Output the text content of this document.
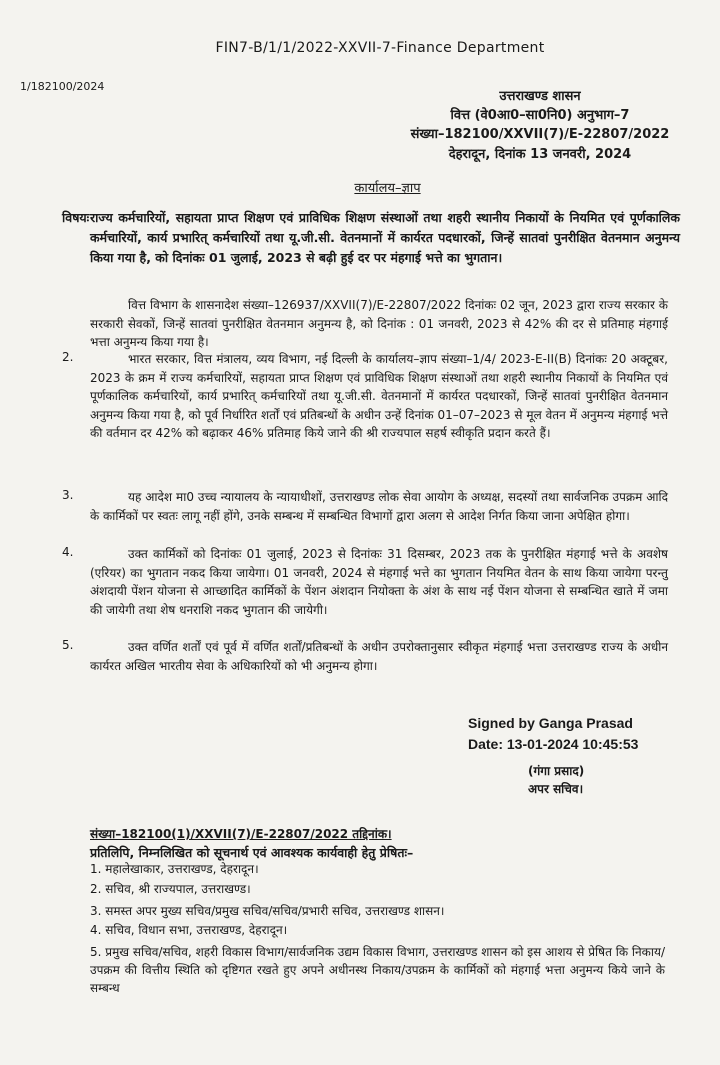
FIN7-B/1/1/2022-XXVII-7-Finance Department
1/182100/2024
उत्तराखण्ड शासन
वित्त (वे0आ0–सा0नि0) अनुभाग–7
संख्या–182100/XXVII(7)/E-22807/2022
देहरादून, दिनांक 13 जनवरी, 2024
कार्यालय–ज्ञाप
विषयः राज्य कर्मचारियों, सहायता प्राप्त शिक्षण एवं प्राविधिक शिक्षण संस्थाओं तथा शहरी स्थानीय निकायों के नियमित एवं पूर्णकालिक कर्मचारियों, कार्य प्रभारित् कर्मचारियों तथा यू.जी.सी. वेतनमानों में कार्यरत पदधारकों, जिन्हें सातवां पुनरीक्षित वेतनमान अनुमन्य किया गया है, को दिनांकः 01 जुलाई, 2023 से बढ़ी हुई दर पर मंहगाई भत्ते का भुगतान।
वित्त विभाग के शासनादेश संख्या–126937/XXVII(7)/E-22807/2022 दिनांकः 02 जून, 2023 द्वारा राज्य सरकार के सरकारी सेवकों, जिन्हें सातवां पुनरीक्षित वेतनमान अनुमन्य है, को दिनांक : 01 जनवरी, 2023 से 42% की दर से प्रतिमाह मंहगाई भत्ता अनुमन्य किया गया है।
2.	भारत सरकार, वित्त मंत्रालय, व्यय विभाग, नई दिल्ली के कार्यालय–ज्ञाप संख्या–1/4/ 2023-E-II(B) दिनांकः 20 अक्टूबर, 2023 के क्रम में राज्य कर्मचारियों, सहायता प्राप्त शिक्षण एवं प्राविधिक शिक्षण संस्थाओं तथा शहरी स्थानीय निकायों के नियमित एवं पूर्णकालिक कर्मचारियों, कार्य प्रभारित् कर्मचारियों तथा यू.जी.सी. वेतनमानों में कार्यरत पदधारकों, जिन्हें सातवां पुनरीक्षित वेतनमान अनुमन्य किया गया है, को पूर्व निर्धारित शर्तों एवं प्रतिबन्धों के अधीन उन्हें दिनांक 01–07–2023 से मूल वेतन में अनुमन्य मंहगाई भत्ते की वर्तमान दर 42% को बढ़ाकर 46% प्रतिमाह किये जाने की श्री राज्यपाल सहर्ष स्वीकृति प्रदान करते हैं।
3.	यह आदेश मा0 उच्च न्यायालय के न्यायाधीशों, उत्तराखण्ड लोक सेवा आयोग के अध्यक्ष, सदस्यों तथा सार्वजनिक उपक्रम आदि के कार्मिकों पर स्वतः लागू नहीं होंगे, उनके सम्बन्ध में सम्बन्धित विभागों द्वारा अलग से आदेश निर्गत किया जाना अपेक्षित होगा।
4.	उक्त कार्मिकों को दिनांकः 01 जुलाई, 2023 से दिनांकः 31 दिसम्बर, 2023 तक के पुनरीक्षित मंहगाई भत्ते के अवशेष (एरियर) का भुगतान नकद किया जायेगा। 01 जनवरी, 2024 से मंहगाई भत्ते का भुगतान नियमित वेतन के साथ किया जायेगा परन्तु अंशदायी पेंशन योजना से आच्छादित कार्मिकों के पेंशन अंशदान नियोक्ता के अंश के साथ नई पेंशन योजना से सम्बन्धित खाते में जमा की जायेगी तथा शेष धनराशि नकद भुगतान की जायेगी।
5.	उक्त वर्णित शर्तों एवं पूर्व में वर्णित शर्तों/प्रतिबन्धों के अधीन उपरोक्तानुसार स्वीकृत मंहगाई भत्ता उत्तराखण्ड राज्य के अधीन कार्यरत अखिल भारतीय सेवा के अधिकारियों को भी अनुमन्य होगा।
Signed by Ganga Prasad
Date: 13-01-2024 10:45:53
(गंगा प्रसाद)
अपर सचिव।
संख्या–182100(1)/XXVII(7)/E-22807/2022 तद्दिनांक।
प्रतिलिपि, निम्नलिखित को सूचनार्थ एवं आवश्यक कार्यवाही हेतु प्रेषितः–
1. महालेखाकार, उत्तराखण्ड, देहरादून।
2. सचिव, श्री राज्यपाल, उत्तराखण्ड।
3. समस्त अपर मुख्य सचिव/प्रमुख सचिव/सचिव/प्रभारी सचिव, उत्तराखण्ड शासन।
4. सचिव, विधान सभा, उत्तराखण्ड, देहरादून।
5. प्रमुख सचिव/सचिव, शहरी विकास विभाग/सार्वजनिक उद्यम विकास विभाग, उत्तराखण्ड शासन को इस आशय से प्रेषित कि निकाय/उपक्रम की वित्तीय स्थिति को दृष्टिगत रखते हुए अपने अधीनस्थ निकाय/उपक्रम के कार्मिकों को मंहगाई भत्ता अनुमन्य किये जाने के सम्बन्ध
